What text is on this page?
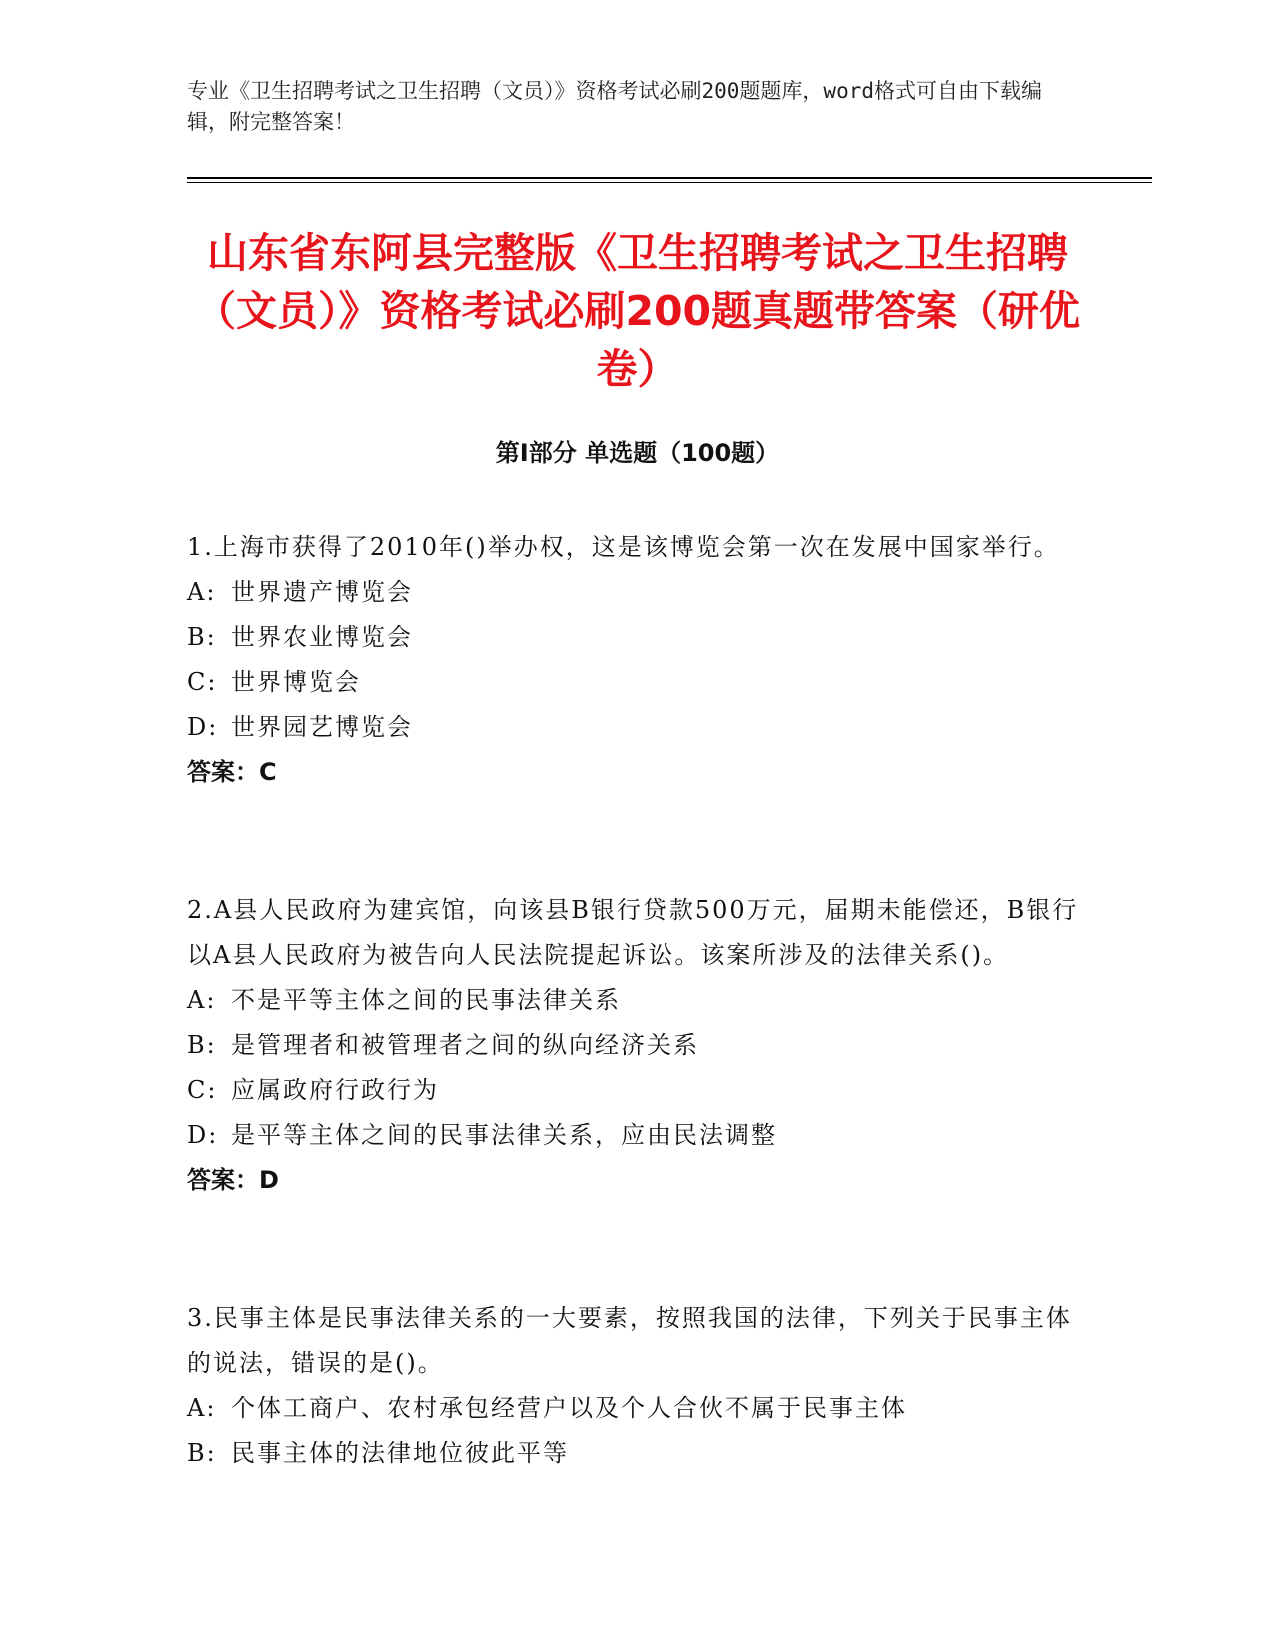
专业《卫生招聘考试之卫生招聘（文员）》资格考试必刷200题题库，word格式可自由下载编辑，附完整答案！
山东省东阿县完整版《卫生招聘考试之卫生招聘（文员）》资格考试必刷200题真题带答案（研优卷）
第Ⅰ部分 单选题（100题）

1.上海市获得了2010年()举办权，这是该博览会第一次在发展中国家举行。

A: 世界遗产博览会

B: 世界农业博览会

C: 世界博览会

D: 世界园艺博览会

答案：C

2.A县人民政府为建宾馆，向该县B银行贷款500万元，届期未能偿还，B银行以A县人民政府为被告向人民法院提起诉讼。该案所涉及的法律关系()。

A: 不是平等主体之间的民事法律关系

B: 是管理者和被管理者之间的纵向经济关系

C: 应属政府行政行为

D: 是平等主体之间的民事法律关系，应由民法调整

答案：D

3.民事主体是民事法律关系的一大要素，按照我国的法律，下列关于民事主体的说法，错误的是()。

A: 个体工商户、农村承包经营户以及个人合伙不属于民事主体

B: 民事主体的法律地位彼此平等
